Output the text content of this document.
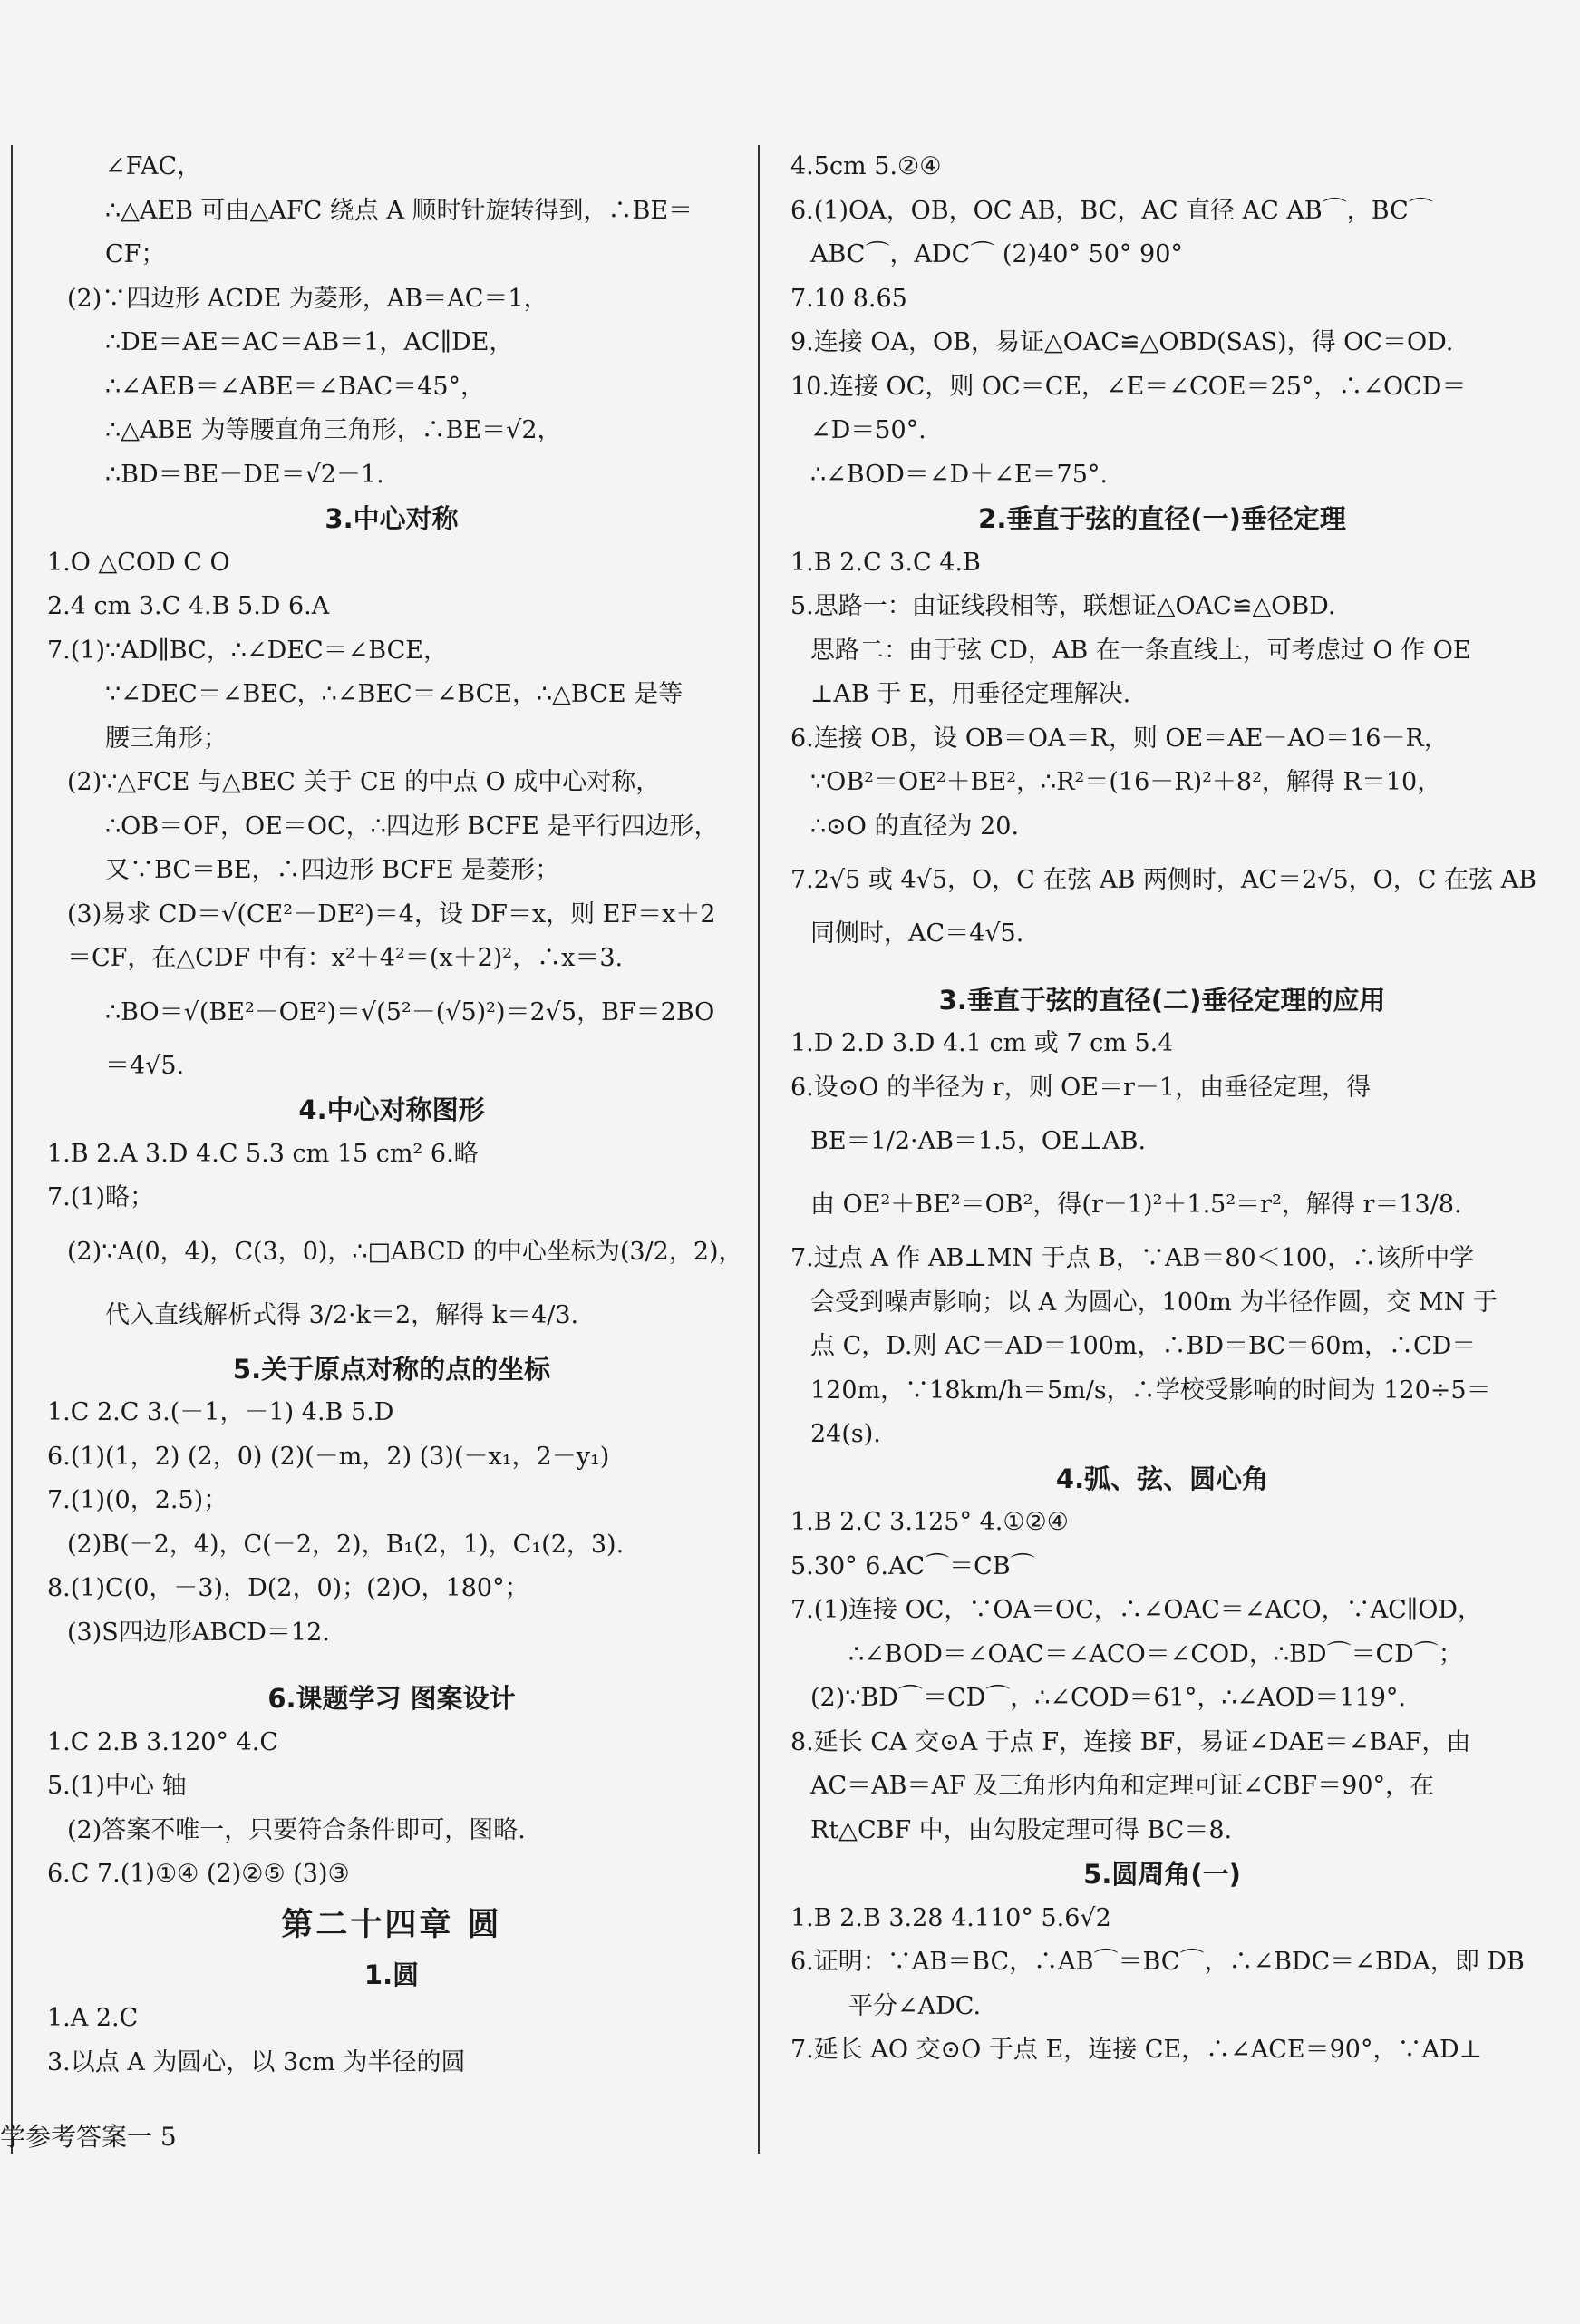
∠FAC，
∴△AEB 可由△AFC 绕点 A 顺时针旋转得到，∴BE＝
CF；
(2)∵四边形 ACDE 为菱形，AB＝AC＝1，
∴DE＝AE＝AC＝AB＝1，AC∥DE，
∴∠AEB＝∠ABE＝∠BAC＝45°，
∴△ABE 为等腰直角三角形，∴BE＝√2，
∴BD＝BE－DE＝√2－1.
3.中心对称
1.O △COD C O
2.4 cm 3.C 4.B 5.D 6.A
7.(1)∵AD∥BC，∴∠DEC＝∠BCE，
∵∠DEC＝∠BEC，∴∠BEC＝∠BCE，∴△BCE 是等
腰三角形；
(2)∵△FCE 与△BEC 关于 CE 的中点 O 成中心对称，
∴OB＝OF，OE＝OC，∴四边形 BCFE 是平行四边形，
又∵BC＝BE，∴四边形 BCFE 是菱形；
(3)易求 CD＝√(CE²－DE²)＝4，设 DF＝x，则 EF＝x＋2
＝CF，在△CDF 中有：x²＋4²＝(x＋2)²，∴x＝3.
∴BO＝√(BE²－OE²)＝√(5²－(√5)²)＝2√5，BF＝2BO
＝4√5.
4.中心对称图形
1.B 2.A 3.D 4.C 5.3 cm 15 cm² 6.略
7.(1)略；
(2)∵A(0，4)，C(3，0)，∴□ABCD 的中心坐标为(3/2，2)，
代入直线解析式得 3/2·k＝2，解得 k＝4/3.
5.关于原点对称的点的坐标
1.C 2.C 3.(－1，－1) 4.B 5.D
6.(1)(1，2) (2，0) (2)(－m，2) (3)(－x₁，2－y₁)
7.(1)(0，2.5)；
(2)B(－2，4)，C(－2，2)，B₁(2，1)，C₁(2，3).
8.(1)C(0，－3)，D(2，0)；(2)O，180°；
(3)S四边形ABCD＝12.
6.课题学习 图案设计
1.C 2.B 3.120° 4.C
5.(1)中心 轴
(2)答案不唯一，只要符合条件即可，图略.
6.C 7.(1)①④ (2)②⑤ (3)③
第二十四章 圆
1.圆
1.A 2.C
3.以点 A 为圆心，以 3cm 为半径的圆
4.5cm 5.②④
6.(1)OA，OB，OC AB，BC，AC 直径 AC AB⌒，BC⌒
ABC⌒，ADC⌒ (2)40° 50° 90°
7.10 8.65
9.连接 OA，OB，易证△OAC≌△OBD(SAS)，得 OC＝OD.
10.连接 OC，则 OC＝CE，∠E＝∠COE＝25°，∴∠OCD＝
∠D＝50°.
∴∠BOD＝∠D＋∠E＝75°.
2.垂直于弦的直径(一)垂径定理
1.B 2.C 3.C 4.B
5.思路一：由证线段相等，联想证△OAC≌△OBD.
思路二：由于弦 CD，AB 在一条直线上，可考虑过 O 作 OE
⊥AB 于 E，用垂径定理解决.
6.连接 OB，设 OB＝OA＝R，则 OE＝AE－AO＝16－R，
∵OB²＝OE²＋BE²，∴R²＝(16－R)²＋8²，解得 R＝10，
∴⊙O 的直径为 20.
7.2√5 或 4√5，O，C 在弦 AB 两侧时，AC＝2√5，O，C 在弦 AB
同侧时，AC＝4√5.
3.垂直于弦的直径(二)垂径定理的应用
1.D 2.D 3.D 4.1 cm 或 7 cm 5.4
6.设⊙O 的半径为 r，则 OE＝r－1，由垂径定理，得
BE＝1/2·AB＝1.5，OE⊥AB.
由 OE²＋BE²＝OB²，得(r－1)²＋1.5²＝r²，解得 r＝13/8.
7.过点 A 作 AB⊥MN 于点 B，∵AB＝80＜100，∴该所中学
会受到噪声影响；以 A 为圆心，100m 为半径作圆，交 MN 于
点 C，D.则 AC＝AD＝100m，∴BD＝BC＝60m，∴CD＝
120m，∵18km/h＝5m/s，∴学校受影响的时间为 120÷5＝
24(s).
4.弧、弦、圆心角
1.B 2.C 3.125° 4.①②④
5.30° 6.AC⌒＝CB⌒
7.(1)连接 OC，∵OA＝OC，∴∠OAC＝∠ACO，∵AC∥OD，
∴∠BOD＝∠OAC＝∠ACO＝∠COD，∴BD⌒＝CD⌒；
(2)∵BD⌒＝CD⌒，∴∠COD＝61°，∴∠AOD＝119°.
8.延长 CA 交⊙A 于点 F，连接 BF，易证∠DAE＝∠BAF，由
AC＝AB＝AF 及三角形内角和定理可证∠CBF＝90°，在
Rt△CBF 中，由勾股定理可得 BC＝8.
5.圆周角(一)
1.B 2.B 3.28 4.110° 5.6√2
6.证明：∵AB＝BC，∴AB⌒＝BC⌒，∴∠BDC＝∠BDA，即 DB
平分∠ADC.
7.延长 AO 交⊙O 于点 E，连接 CE，∴∠ACE＝90°，∵AD⊥
学参考答案一 5
